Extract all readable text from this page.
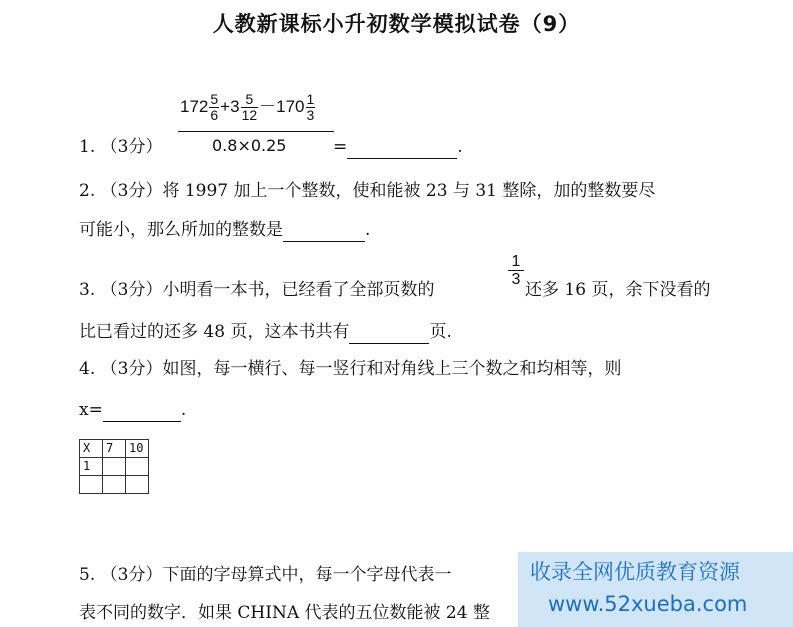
人教新课标小升初数学模拟试卷（9）
$172 \frac{5}{6} +3 \frac{5}{12} -170 \frac{1}{3}$
1. （3分）	0.8×0.25	=	.
2. （3分）将 1997 加上一个整数，使和能被 23 与 31 整除，加的整数要尽
可能小，那么所加的整数是	.
3. （3分）小明看一本书，已经看了全部页数的
$\frac{1}{3}$
还多 16 页，余下没看的
比已看过的还多 48 页，这本书共有	页.
4. （3分）如图，每一横行、每一竖行和对角线上三个数之和均相等，则
x=	.
X	7	10
1		

5. （3分）下面的字母算式中，每一个字母代表一
表不同的数字．如果 CHINA 代表的五位数能被 24 整
收录全网优质教育资源
www.52xueba.com
